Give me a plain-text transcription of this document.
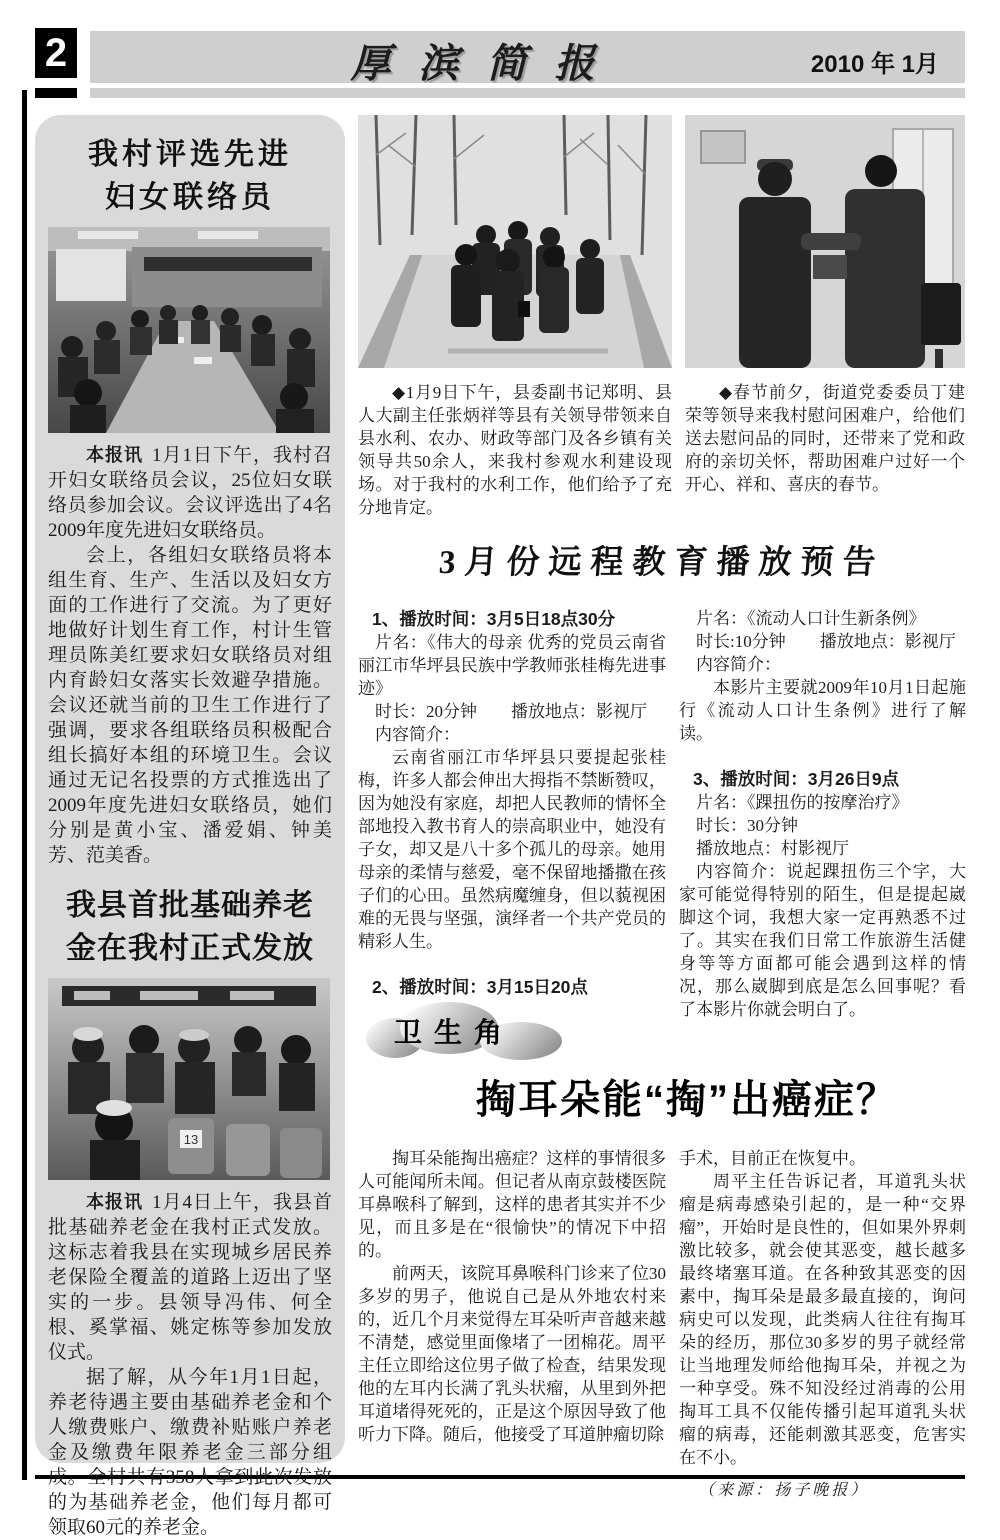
2	厚滨简报	2010 年 1月
我村评选先进
妇女联络员

本报讯 1月1日下午，我村召开妇女联络员会议，25位妇女联络员参加会议。会议评选出了4名2009年度先进妇女联络员。

会上，各组妇女联络员将本组生育、生产、生活以及妇女方面的工作进行了交流。为了更好地做好计划生育工作，村计生管理员陈美红要求妇女联络员对组内育龄妇女落实长效避孕措施。会议还就当前的卫生工作进行了强调，要求各组联络员积极配合组长搞好本组的环境卫生。会议通过无记名投票的方式推选出了2009年度先进妇女联络员，她们分别是黄小宝、潘爱娟、钟美芳、范美香。

我县首批基础养老
金在我村正式发放
13

本报讯 1月4日上午，我县首批基础养老金在我村正式发放。这标志着我县在实现城乡居民养老保险全覆盖的道路上迈出了坚实的一步。县领导冯伟、何全根、奚掌福、姚定栋等参加发放仪式。

据了解，从今年1月1日起，养老待遇主要由基础养老金和个人缴费账户、缴费补贴账户养老金及缴费年限养老金三部分组成。全村共有358人拿到此次发放的为基础养老金，他们每月都可领取60元的养老金。

◆1月9日下午，县委副书记郑明、县人大副主任张炳祥等县有关领导带领来自县水利、农办、财政等部门及各乡镇有关领导共50余人，来我村参观水利建设现场。对于我村的水利工作，他们给予了充分地肯定。
◆春节前夕，街道党委委员丁建荣等领导来我村慰问困难户，给他们送去慰问品的同时，还带来了党和政府的亲切关怀，帮助困难户过好一个开心、祥和、喜庆的春节。
3月份远程教育播放预告

1、播放时间：3月5日18点30分

片名：《伟大的母亲 优秀的党员云南省丽江市华坪县民族中学教师张桂梅先进事迹》

时长：20分钟　　播放地点：影视厅

内容简介：

云南省丽江市华坪县只要提起张桂梅，许多人都会伸出大拇指不禁断赞叹，因为她没有家庭，却把人民教师的情怀全部地投入教书育人的崇高职业中，她没有子女，却又是八十多个孤儿的母亲。她用母亲的柔情与慈爱，毫不保留地播撒在孩子们的心田。虽然病魔缠身，但以藐视困难的无畏与坚强，演绎者一个共产党员的精彩人生。

2、播放时间：3月15日20点

片名：《流动人口计生新条例》

时长:10分钟　　播放地点：影视厅

内容简介：

本影片主要就2009年10月1日起施行《流动人口计生条例》进行了解读。

3、播放时间：3月26日9点

片名：《踝扭伤的按摩治疗》

时长：30分钟

播放地点：村影视厅

内容简介：说起踝扭伤三个字，大家可能觉得特别的陌生，但是提起崴脚这个词，我想大家一定再熟悉不过了。其实在我们日常工作旅游生活健身等等方面都可能会遇到这样的情况，那么崴脚到底是怎么回事呢？看了本影片你就会明白了。

卫生角
掏耳朵能“掏”出癌症？

掏耳朵能掏出癌症？这样的事情很多人可能闻所未闻。但记者从南京鼓楼医院耳鼻喉科了解到，这样的患者其实并不少见，而且多是在“很愉快”的情况下中招的。

前两天，该院耳鼻喉科门诊来了位30多岁的男子，他说自己是从外地农村来的，近几个月来觉得左耳朵听声音越来越不清楚，感觉里面像堵了一团棉花。周平主任立即给这位男子做了检查，结果发现他的左耳内长满了乳头状瘤，从里到外把耳道堵得死死的，正是这个原因导致了他听力下降。随后，他接受了耳道肿瘤切除

手术，目前正在恢复中。

周平主任告诉记者，耳道乳头状瘤是病毒感染引起的，是一种“交界瘤”，开始时是良性的，但如果外界刺激比较多，就会使其恶变，越长越多最终堵塞耳道。在各种致其恶变的因素中，掏耳朵是最多最直接的，询问病史可以发现，此类病人往往有掏耳朵的经历，那位30多岁的男子就经常让当地理发师给他掏耳朵，并视之为一种享受。殊不知没经过消毒的公用掏耳工具不仅能传播引起耳道乳头状瘤的病毒，还能刺激其恶变，危害实在不小。

（来源：扬子晚报）
